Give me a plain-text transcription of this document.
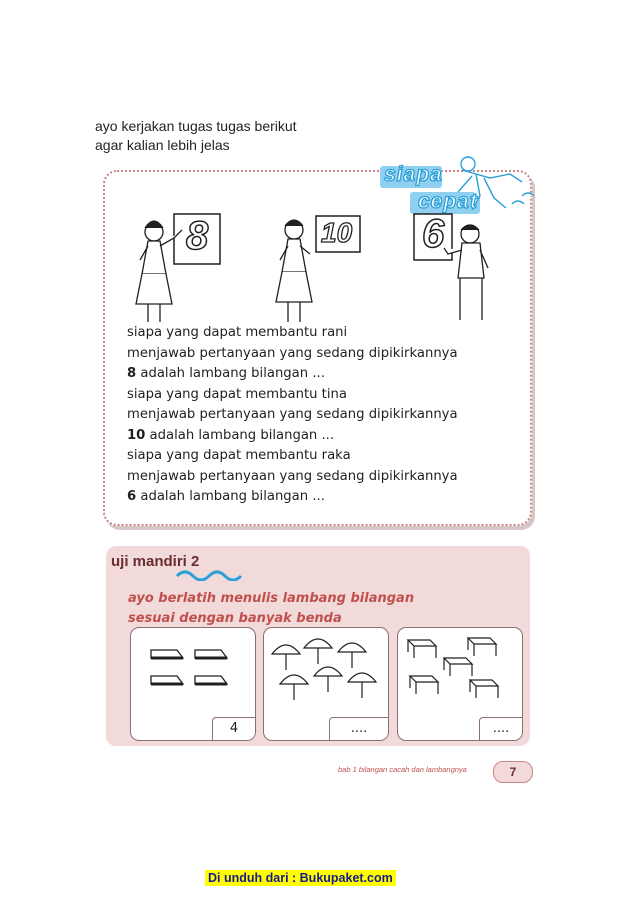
ayo kerjakan tugas tugas berikut
agar kalian lebih jelas
siapa
cepat
8	10 6
siapa yang dapat membantu rani
menjawab pertanyaan yang sedang dipikirkannya
8 adalah lambang bilangan ...
siapa yang dapat membantu tina
menjawab pertanyaan yang sedang dipikirkannya
10 adalah lambang bilangan ...
siapa yang dapat membantu raka
menjawab pertanyaan yang sedang dipikirkannya
6 adalah lambang bilangan ...
uji mandiri 2
ayo berlatih menulis lambang bilangan
sesuai dengan banyak benda
4	....	....
bab 1 bilangan cacah dan lambangnya	7
Di unduh dari : Bukupaket.com
